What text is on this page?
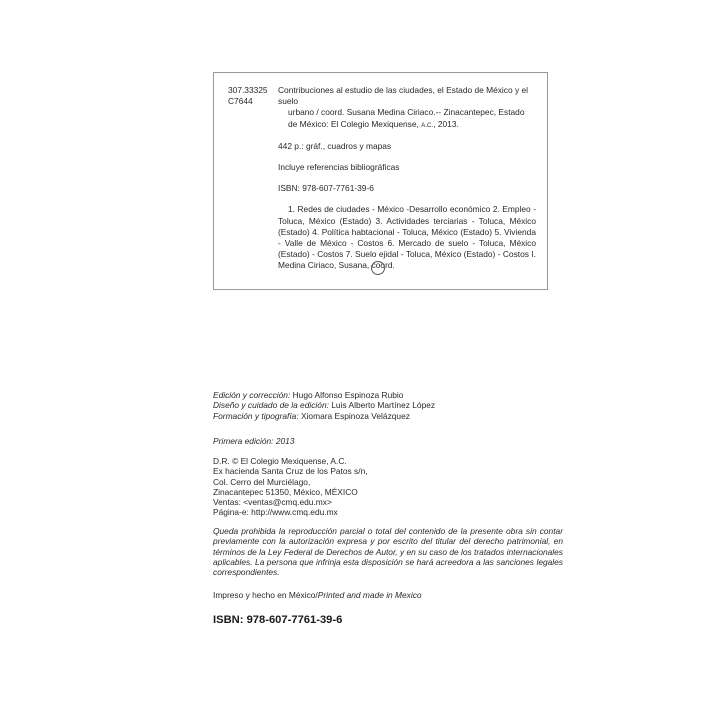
307.33325
C7644
Contribuciones al estudio de las ciudades, el Estado de México y el suelo
urbano / coord. Susana Medina Ciriaco.-- Zinacantepec, Estado
de México: El Colegio Mexiquense, A.C., 2013.
442 p.: gráf., cuadros y mapas
Incluye referencias bibliográficas
ISBN: 978-607-7761-39-6
1. Redes de ciudades - México -Desarrollo económico 2. Empleo - Toluca, México (Estado) 3. Actividades terciarias - Toluca, México (Estado) 4. Política habtacional - Toluca, México (Estado) 5. Vivienda - Valle de México - Costos 6. Mercado de suelo - Toluca, México (Estado) - Costos 7. Suelo ejidal - Toluca, México (Estado) - Costos I. Medina Ciriaco, Susana, coord.
Edición y corrección: Hugo Alfonso Espinoza Rubio
Diseño y cuidado de la edición: Luis Alberto Martínez López
Formación y tipografía: Xiomara Espinoza Velázquez
Primera edición: 2013
D.R. © El Colegio Mexiquense, A.C.
Ex hacienda Santa Cruz de los Patos s/n,
Col. Cerro del Murciélago,
Zinacantepec 51350, México, MÉXICO
Ventas: <ventas@cmq.edu.mx>
Página-e: http://www.cmq.edu.mx
Queda prohibida la reproducción parcial o total del contenido de la presente obra sin contar previamente con la autorización expresa y por escrito del titular del derecho patrimonial, en términos de la Ley Federal de Derechos de Autor, y en su caso de los tratados internacionales aplicables. La persona que infrinja esta disposición se hará acreedora a las sanciones legales correspondientes.
Impreso y hecho en México/Printed and made in Mexico
ISBN: 978-607-7761-39-6
